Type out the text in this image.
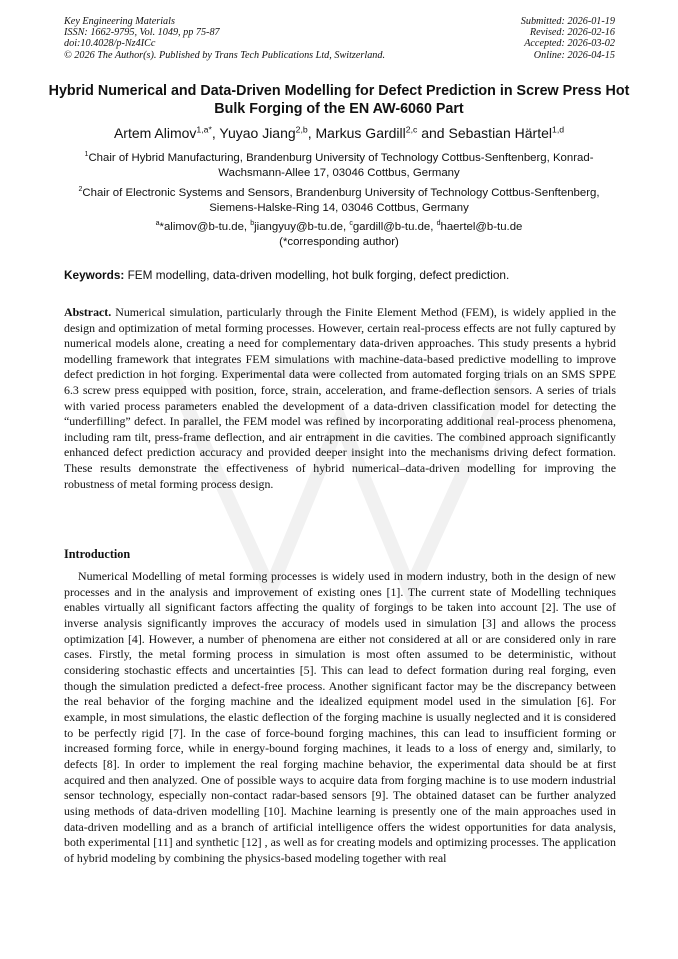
Key Engineering Materials
ISSN: 1662-9795, Vol. 1049, pp 75-87
doi:10.4028/p-Nz4ICc
© 2026 The Author(s). Published by Trans Tech Publications Ltd, Switzerland.
Submitted: 2026-01-19
Revised: 2026-02-16
Accepted: 2026-03-02
Online: 2026-04-15
Hybrid Numerical and Data-Driven Modelling for Defect Prediction in Screw Press Hot Bulk Forging of the EN AW-6060 Part
Artem Alimov$^{1,a*}$, Yuyao Jiang$^{2,b}$, Markus Gardill$^{2,c}$ and Sebastian Härtel$^{1,d}$
$^1$Chair of Hybrid Manufacturing, Brandenburg University of Technology Cottbus-Senftenberg, Konrad-Wachsmann-Allee 17, 03046 Cottbus, Germany
$^2$Chair of Electronic Systems and Sensors, Brandenburg University of Technology Cottbus-Senftenberg, Siemens-Halske-Ring 14, 03046 Cottbus, Germany
$^a$*alimov@b-tu.de, $^b$jiangyuy@b-tu.de, $^c$gardill@b-tu.de, $^d$haertel@b-tu.de
(*corresponding author)
Keywords: FEM modelling, data-driven modelling, hot bulk forging, defect prediction.
Abstract. Numerical simulation, particularly through the Finite Element Method (FEM), is widely applied in the design and optimization of metal forming processes. However, certain real-process effects are not fully captured by numerical models alone, creating a need for complementary data-driven approaches. This study presents a hybrid modelling framework that integrates FEM simulations with machine-data-based predictive modelling to improve defect prediction in hot forging. Experimental data were collected from automated forging trials on an SMS SPPE 6.3 screw press equipped with position, force, strain, acceleration, and frame-deflection sensors. A series of trials with varied process parameters enabled the development of a data-driven classification model for detecting the “underfilling” defect. In parallel, the FEM model was refined by incorporating additional real-process phenomena, including ram tilt, press-frame deflection, and air entrapment in die cavities. The combined approach significantly enhanced defect prediction accuracy and provided deeper insight into the mechanisms driving defect formation. These results demonstrate the effectiveness of hybrid numerical–data-driven modelling for improving the robustness of metal forming process design.
Introduction
Numerical Modelling of metal forming processes is widely used in modern industry, both in the design of new processes and in the analysis and improvement of existing ones [1]. The current state of Modelling techniques enables virtually all significant factors affecting the quality of forgings to be taken into account [2]. The use of inverse analysis significantly improves the accuracy of models used in simulation [3] and allows the process optimization [4]. However, a number of phenomena are either not considered at all or are considered only in rare cases. Firstly, the metal forming process in simulation is most often assumed to be deterministic, without considering stochastic effects and uncertainties [5]. This can lead to defect formation during real forging, even though the simulation predicted a defect-free process. Another significant factor may be the discrepancy between the real behavior of the forging machine and the idealized equipment model used in the simulation [6]. For example, in most simulations, the elastic deflection of the forging machine is usually neglected and it is considered to be perfectly rigid [7]. In the case of force-bound forging machines, this can lead to insufficient forming or increased forming force, while in energy-bound forging machines, it leads to a loss of energy and, similarly, to defects [8]. In order to implement the real forging machine behavior, the experimental data should be at first acquired and then analyzed. One of possible ways to acquire data from forging machine is to use modern industrial sensor technology, especially non-contact radar-based sensors [9]. The obtained dataset can be further analyzed using methods of data-driven modelling [10]. Machine learning is presently one of the main approaches used in data-driven modelling and as a branch of artificial intelligence offers the widest opportunities for data analysis, both experimental [11] and synthetic [12] , as well as for creating models and optimizing processes. The application of hybrid modeling by combining the physics-based modeling together with real
